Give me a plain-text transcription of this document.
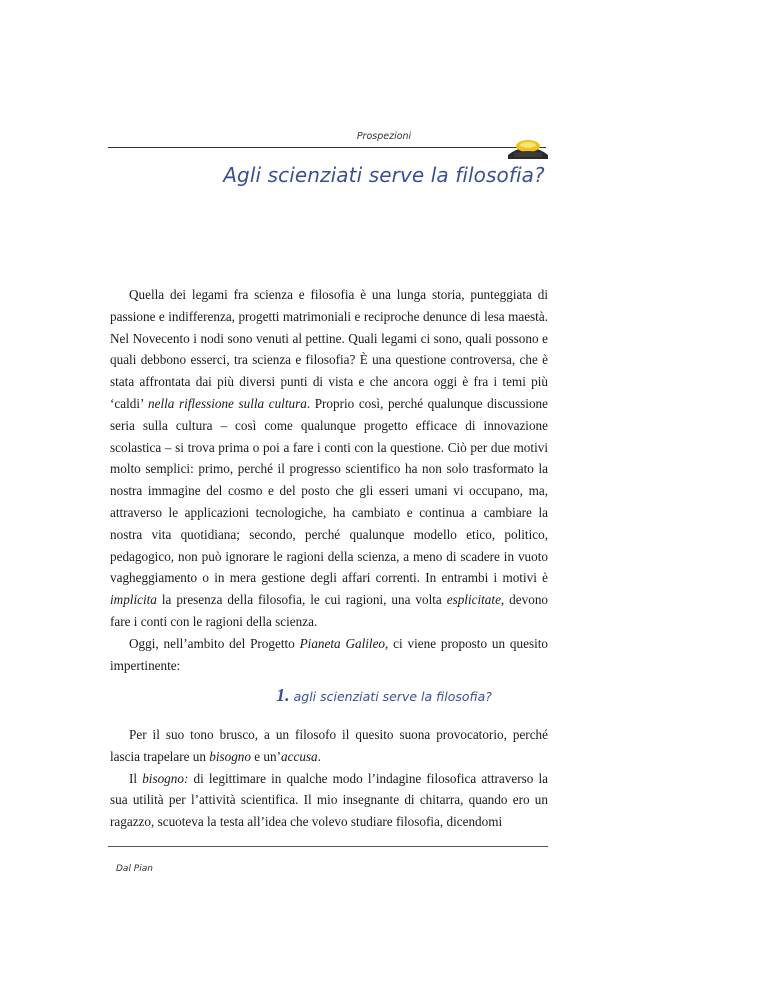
Prospezioni
Agli scienziati serve la filosofia?

Quella dei legami fra scienza e filosofia è una lunga storia, punteggiata di passione e indifferenza, progetti matrimoniali e reciproche denunce di lesa maestà. Nel Novecento i nodi sono venuti al pettine. Quali legami ci sono, quali possono e quali debbono esserci, tra scienza e filosofia? È una questione controversa, che è stata affrontata dai più diversi punti di vista e che ancora oggi è fra i temi più ‘caldi’ nella riflessione sulla cultura. Proprio così, perché qualunque discussione seria sulla cultura – così come qualunque progetto efficace di innovazione scolastica – si trova prima o poi a fare i conti con la questione. Ciò per due motivi molto semplici: primo, perché il progresso scientifico ha non solo trasformato la nostra immagine del cosmo e del posto che gli esseri umani vi occupano, ma, attraverso le applicazioni tecnologiche, ha cambiato e continua a cambiare la nostra vita quotidiana; secondo, perché qualunque modello etico, politico, pedagogico, non può ignorare le ragioni della scienza, a meno di scadere in vuoto vagheggiamento o in mera gestione degli affari correnti. In entrambi i motivi è implicita la presenza della filosofia, le cui ragioni, una volta esplicitate, devono fare i conti con le ragioni della scienza.

Oggi, nell’ambito del Progetto Pianeta Galileo, ci viene proposto un quesito impertinente:

1. agli scienziati serve la filosofia?

Per il suo tono brusco, a un filosofo il quesito suona provocatorio, perché lascia trapelare un bisogno e un’accusa.

Il bisogno: di legittimare in qualche modo l’indagine filosofica attraverso la sua utilità per l’attività scientifica. Il mio insegnante di chitarra, quando ero un ragazzo, scuoteva la testa all’idea che volevo studiare filosofia, dicendomi

Dal Pian
